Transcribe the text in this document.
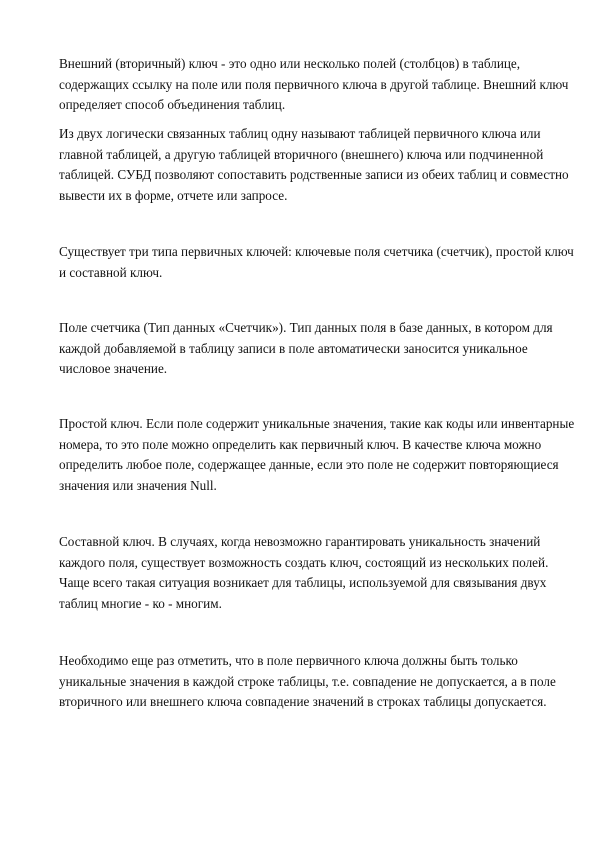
Внешний (вторичный) ключ - это одно или несколько полей (столбцов) в таблице,
содержащих ссылку на поле или поля первичного ключа в другой таблице. Внешний ключ
определяет способ объединения таблиц.

Из двух логически связанных таблиц одну называют таблицей первичного ключа или
главной таблицей, а другую таблицей вторичного (внешнего) ключа или подчиненной
таблицей. СУБД позволяют сопоставить родственные записи из обеих таблиц и совместно
вывести их в форме, отчете или запросе.

Существует три типа первичных ключей: ключевые поля счетчика (счетчик), простой ключ
и составной ключ.

Поле счетчика (Тип данных «Счетчик»). Тип данных поля в базе данных, в котором для
каждой добавляемой в таблицу записи в поле автоматически заносится уникальное
числовое значение.

Простой ключ. Если поле содержит уникальные значения, такие как коды или инвентарные
номера, то это поле можно определить как первичный ключ. В качестве ключа можно
определить любое поле, содержащее данные, если это поле не содержит повторяющиеся
значения или значения Null.

Составной ключ. В случаях, когда невозможно гарантировать уникальность значений
каждого поля, существует возможность создать ключ, состоящий из нескольких полей.
Чаще всего такая ситуация возникает для таблицы, используемой для связывания двух
таблиц многие - ко - многим.

Необходимо еще раз отметить, что в поле первичного ключа должны быть только
уникальные значения в каждой строке таблицы, т.е. совпадение не допускается, а в поле
вторичного или внешнего ключа совпадение значений в строках таблицы допускается.
